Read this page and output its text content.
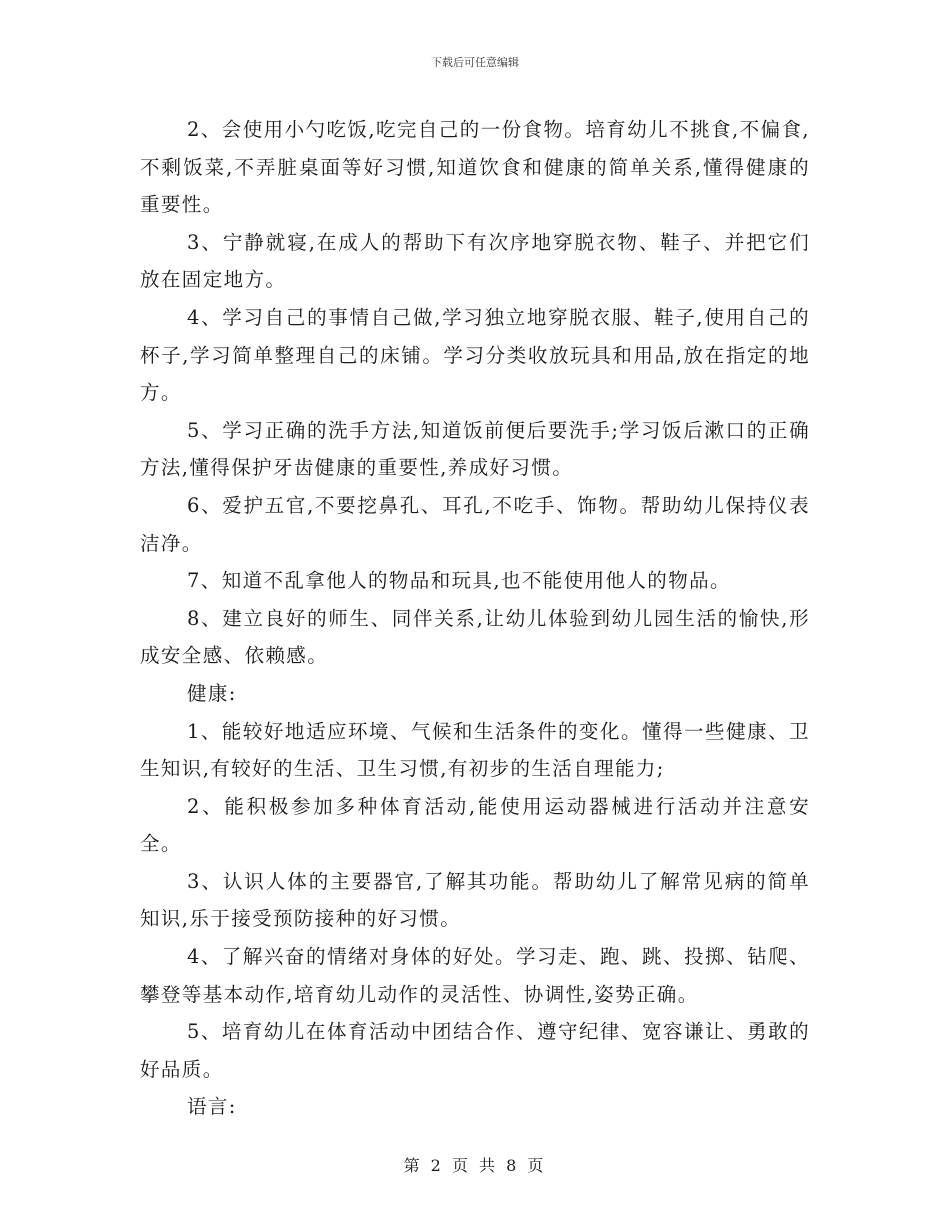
下载后可任意编辑

2、会使用小勺吃饭,吃完自己的一份食物。培育幼儿不挑食,不偏食,不剩饭菜,不弄脏桌面等好习惯,知道饮食和健康的简单关系,懂得健康的重要性。

3、宁静就寝,在成人的帮助下有次序地穿脱衣物、鞋子、并把它们放在固定地方。

4、学习自己的事情自己做,学习独立地穿脱衣服、鞋子,使用自己的杯子,学习简单整理自己的床铺。学习分类收放玩具和用品,放在指定的地方。

5、学习正确的洗手方法,知道饭前便后要洗手;学习饭后漱口的正确方法,懂得保护牙齿健康的重要性,养成好习惯。

6、爱护五官,不要挖鼻孔、耳孔,不吃手、饰物。帮助幼儿保持仪表洁净。

7、知道不乱拿他人的物品和玩具,也不能使用他人的物品。

8、建立良好的师生、同伴关系,让幼儿体验到幼儿园生活的愉快,形成安全感、依赖感。

健康:

1、能较好地适应环境、气候和生活条件的变化。懂得一些健康、卫生知识,有较好的生活、卫生习惯,有初步的生活自理能力;

2、能积极参加多种体育活动,能使用运动器械进行活动并注意安全。

3、认识人体的主要器官,了解其功能。帮助幼儿了解常见病的简单知识,乐于接受预防接种的好习惯。

4、了解兴奋的情绪对身体的好处。学习走、跑、跳、投掷、钻爬、攀登等基本动作,培育幼儿动作的灵活性、协调性,姿势正确。

5、培育幼儿在体育活动中团结合作、遵守纪律、宽容谦让、勇敢的好品质。

语言:

第 2 页 共 8 页
